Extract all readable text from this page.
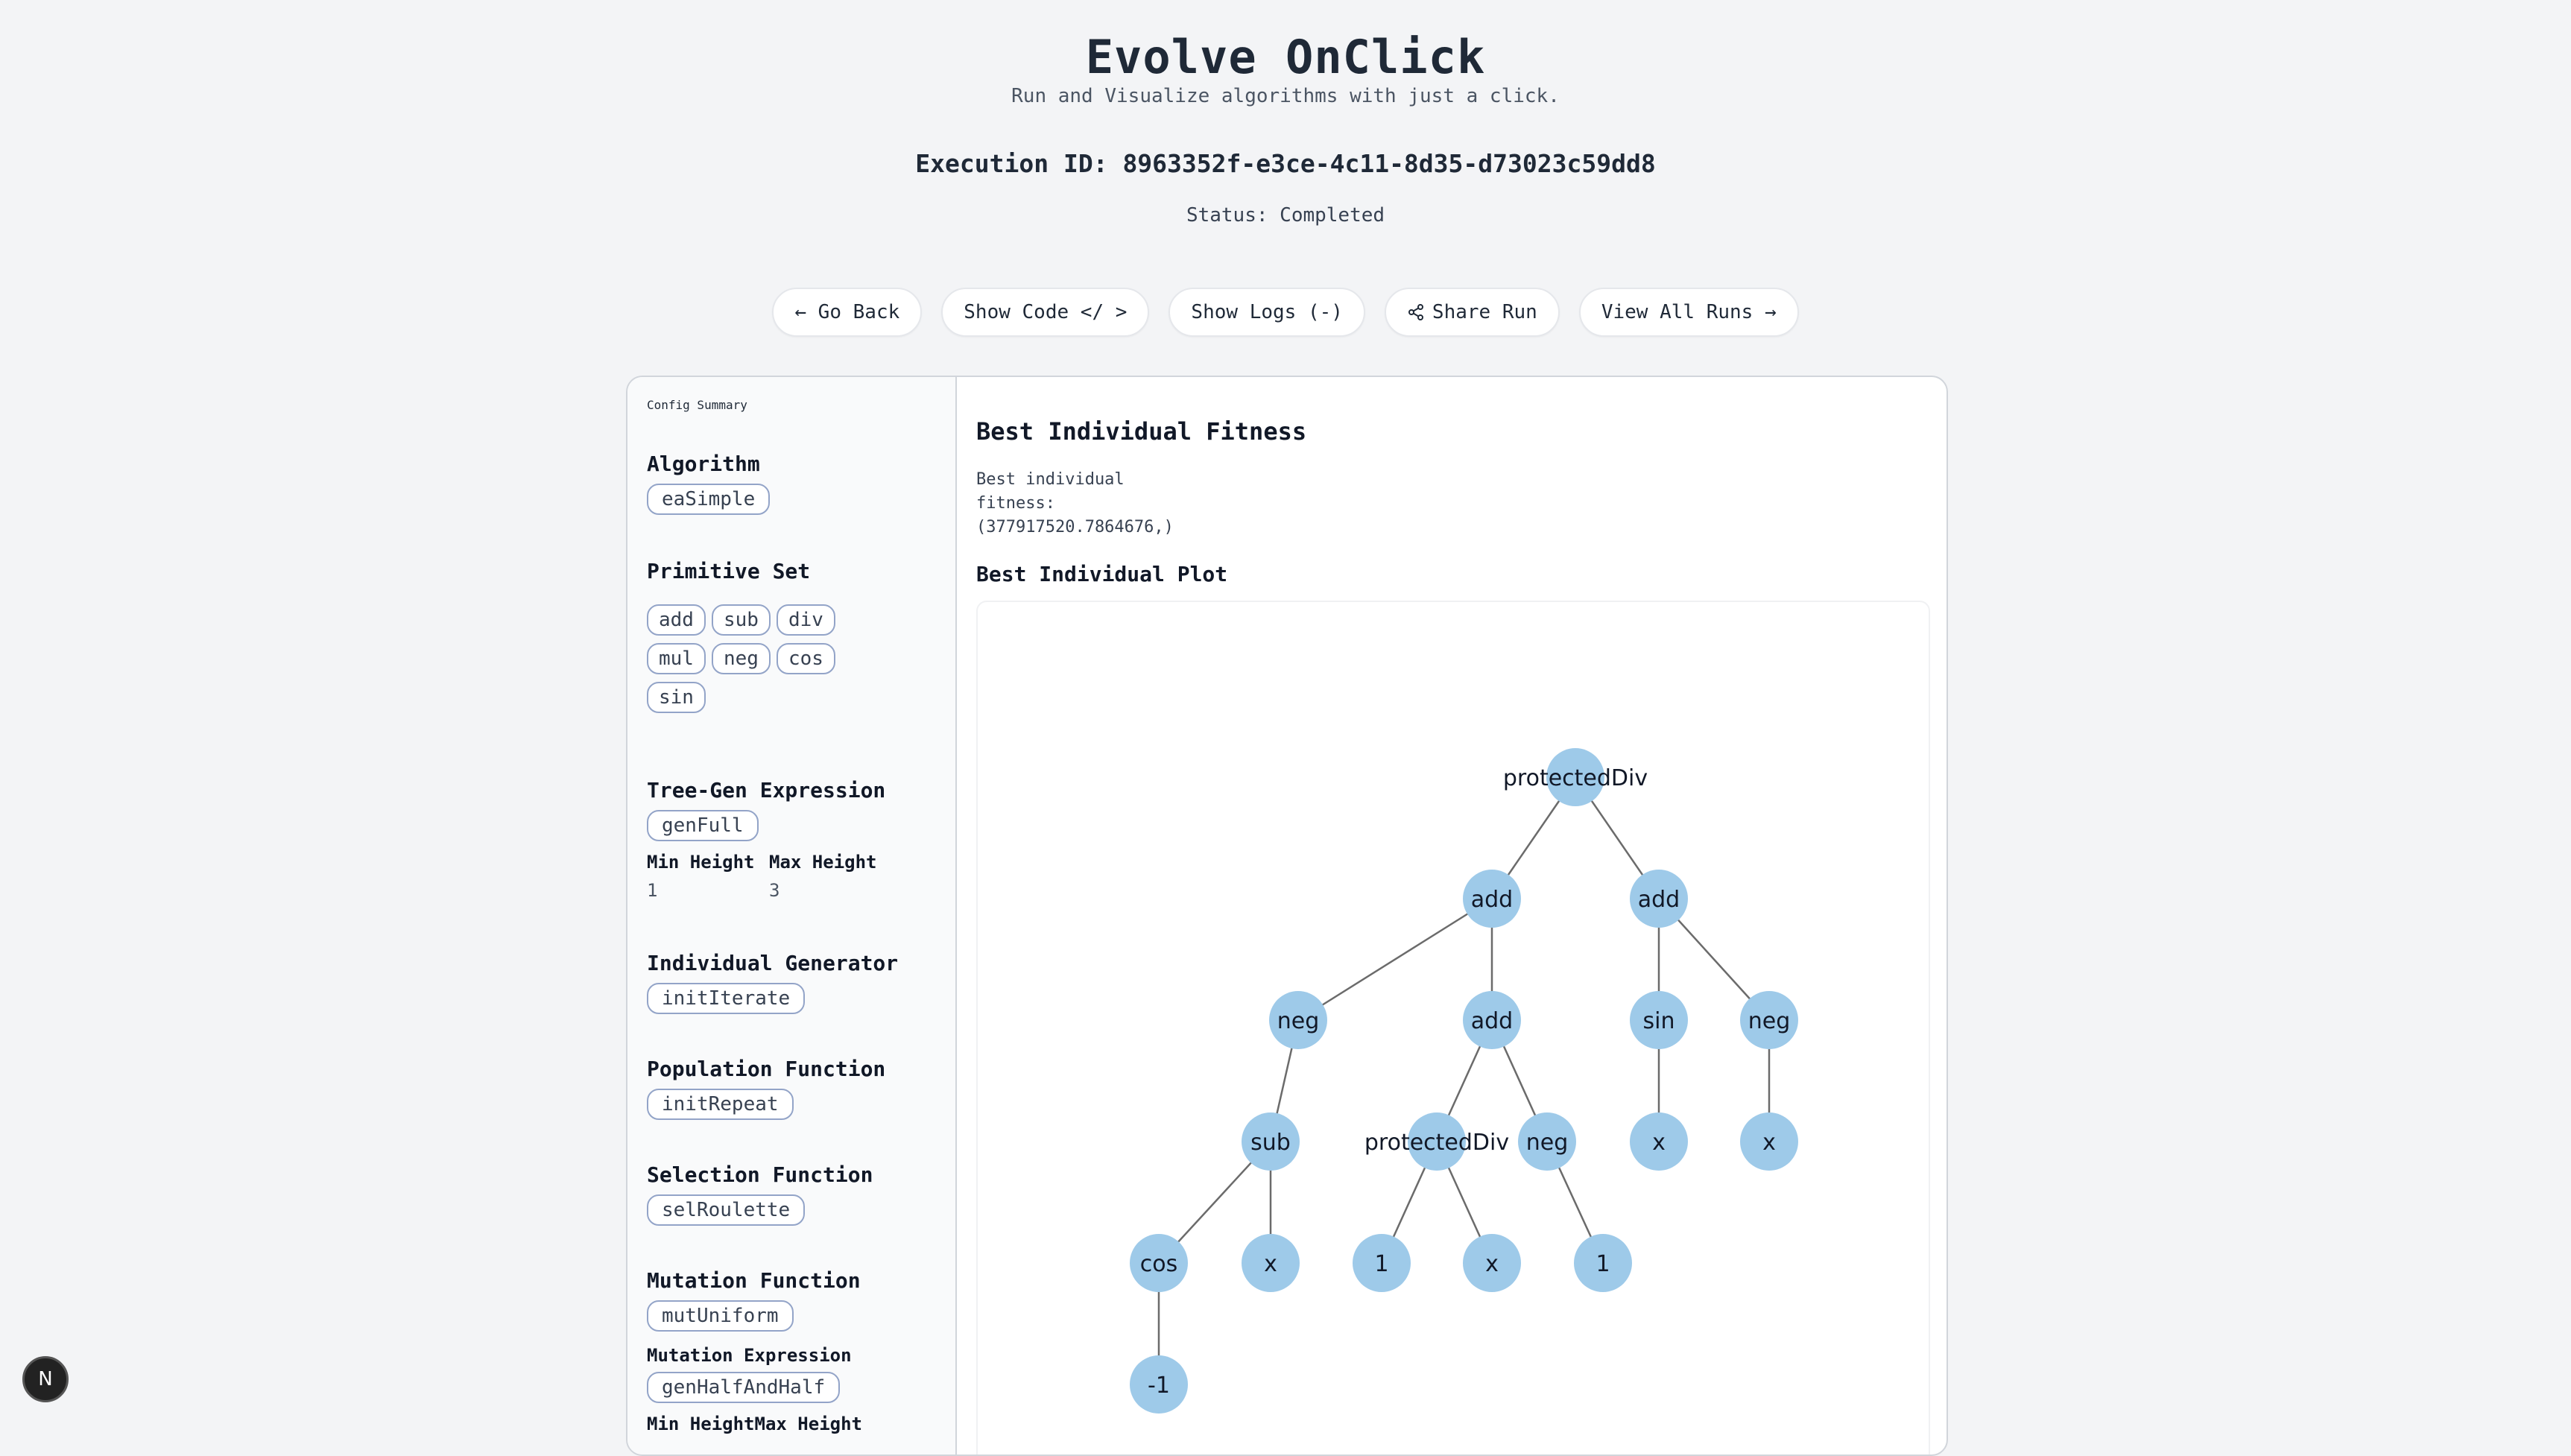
Evolve OnClick
Run and Visualize algorithms with just a click.
Execution ID: 8963352f-e3ce-4c11-8d35-d73023c59dd8
Status: Completed
← Go Back	Show Code </ >	Show Logs (-)	Share Run	View All Runs →
Config Summary
Algorithm
eaSimple
Primitive Set
add	sub	div
mul	neg	cos
sin
Tree-Gen Expression
genFull
Min Height
1
Max Height
3
Individual Generator
initIterate
Population Function
initRepeat
Selection Function
selRoulette
Mutation Function
mutUniform
Mutation Expression
genHalfAndHalf
Min HeightMax Height
Best Individual Fitness
Best individual
fitness:
(377917520.7864676,)
Best Individual Plot
protectedDiv
add	add
neg	add	sin	neg
sub	protectedDiv neg	x	x
cos	x	1	x	1
-1
N
